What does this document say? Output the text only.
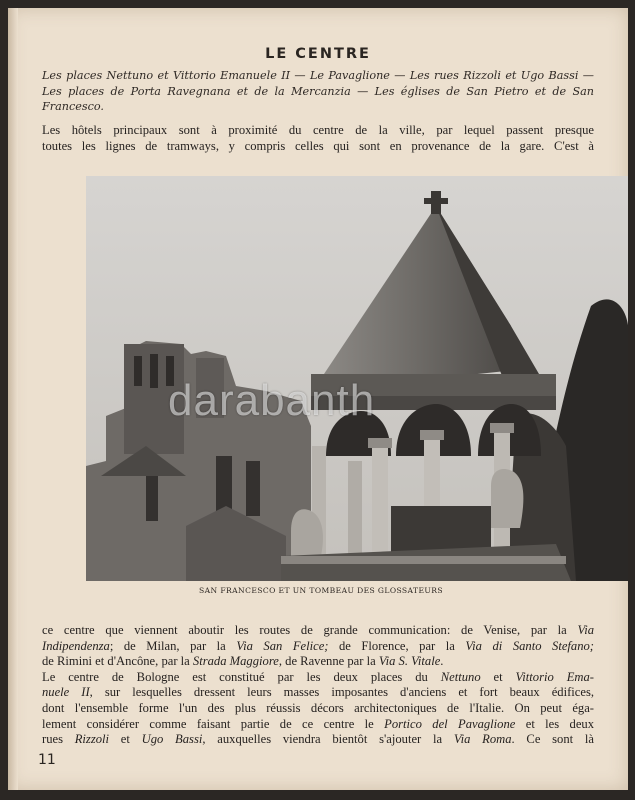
LE CENTRE
Les places Nettuno et Vittorio Emanuele II — Le Pavaglione — Les rues Rizzoli et Ugo Bassi — Les places de Porta Ravegnana et de la Mercanzia — Les églises de San Pietro et de San Francesco.
Les hôtels principaux sont à proximité du centre de la ville, par lequel passent presque
toutes les lignes de tramways, y compris celles qui sont en provenance de la gare. C'est à
darabanth
SAN FRANCESCO ET UN TOMBEAU DES GLOSSATEURS
ce centre que viennent aboutir les routes de grande communication: de Venise, par la Via
Indipendenza; de Milan, par la Via San Felice; de Florence, par la Via di Santo Stefano;
de Rimini et d'Ancône, par la Strada Maggiore, de Ravenne par la Via S. Vitale.
Le centre de Bologne est constitué par les deux places du Nettuno et Vittorio Ema-
nuele II, sur lesquelles dressent leurs masses imposantes d'anciens et fort beaux édifices,
dont l'ensemble forme l'un des plus réussis décors architectoniques de l'Italie. On peut éga-
lement considérer comme faisant partie de ce centre le Portico del Pavaglione et les deux
rues Rizzoli et Ugo Bassi, auxquelles viendra bientôt s'ajouter la Via Roma. Ce sont là
11
